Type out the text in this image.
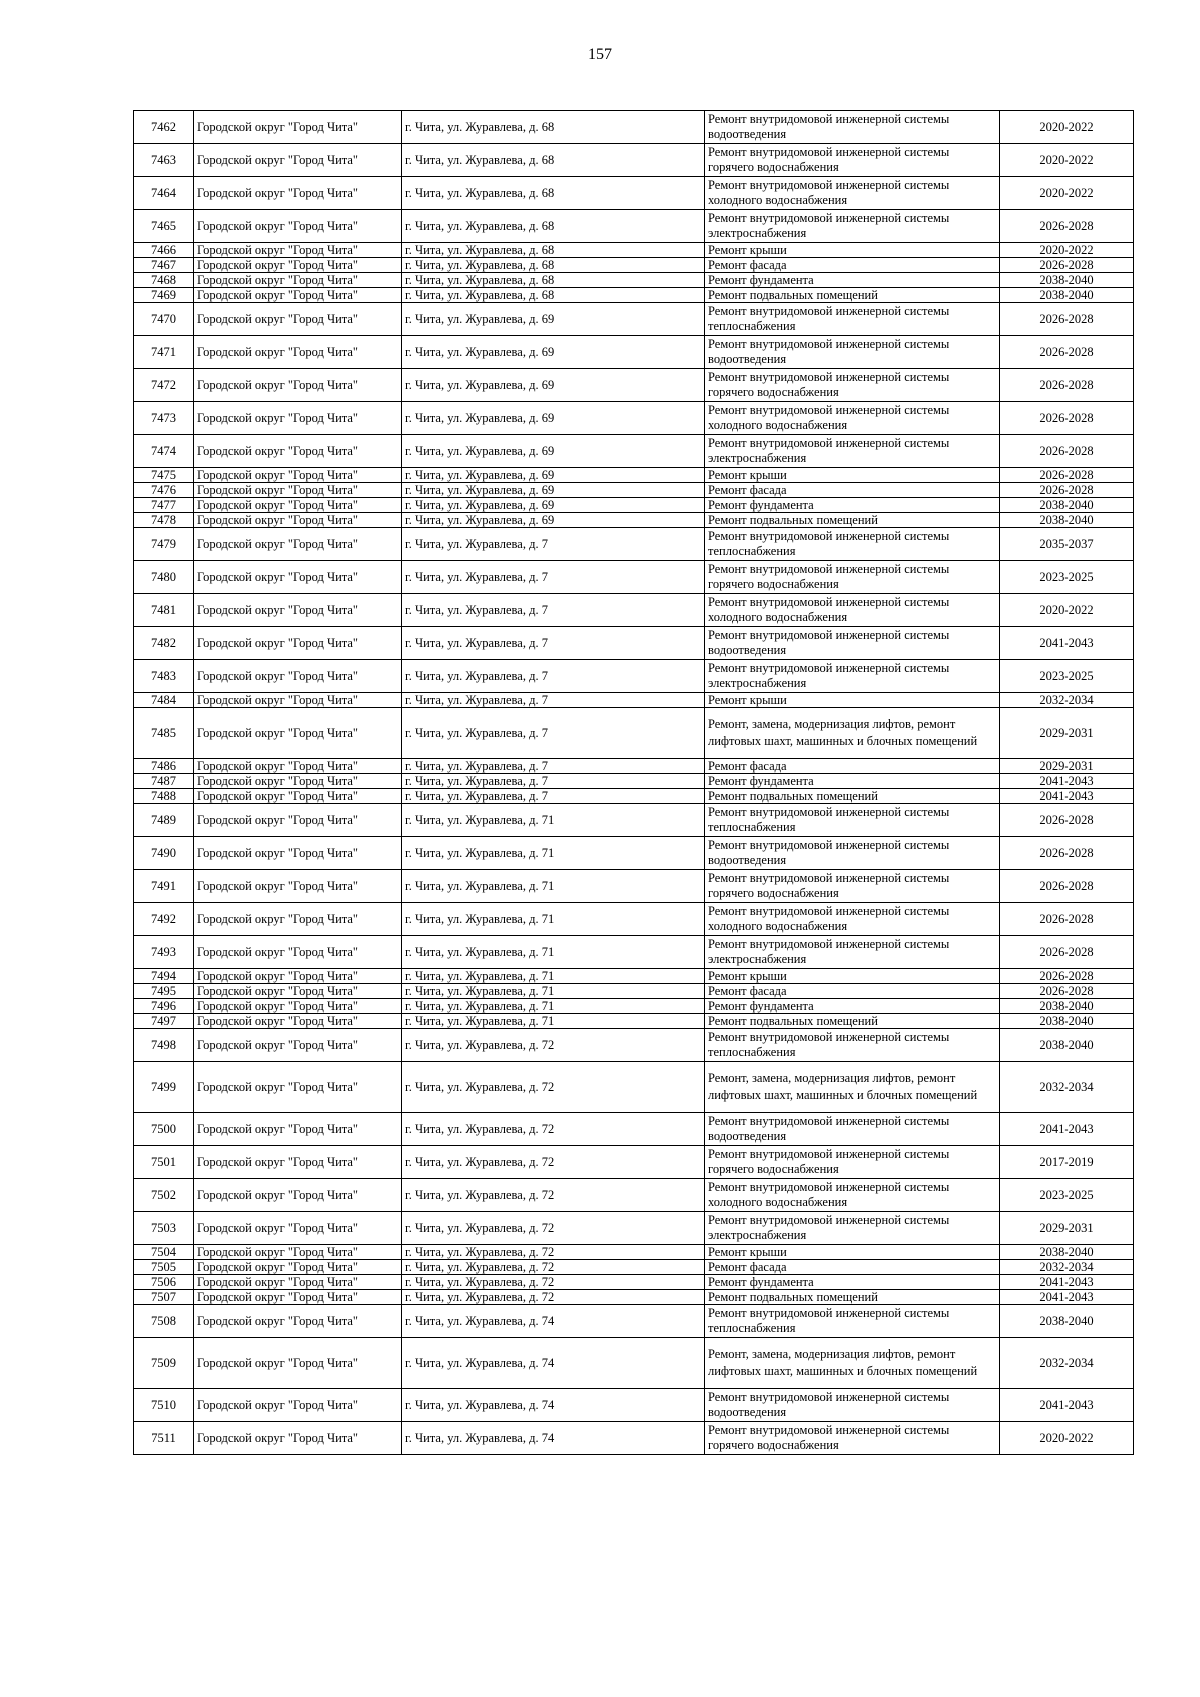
157
7462	Городской округ "Город Чита"	г. Чита, ул. Журавлева, д. 68	Ремонт внутридомовой инженерной системы водоотведения	2020-2022
7463	Городской округ "Город Чита"	г. Чита, ул. Журавлева, д. 68	Ремонт внутридомовой инженерной системы горячего водоснабжения	2020-2022
7464	Городской округ "Город Чита"	г. Чита, ул. Журавлева, д. 68	Ремонт внутридомовой инженерной системы холодного водоснабжения	2020-2022
7465	Городской округ "Город Чита"	г. Чита, ул. Журавлева, д. 68	Ремонт внутридомовой инженерной системы электроснабжения	2026-2028
7466	Городской округ "Город Чита"	г. Чита, ул. Журавлева, д. 68	Ремонт крыши	2020-2022
7467	Городской округ "Город Чита"	г. Чита, ул. Журавлева, д. 68	Ремонт фасада	2026-2028
7468	Городской округ "Город Чита"	г. Чита, ул. Журавлева, д. 68	Ремонт фундамента	2038-2040
7469	Городской округ "Город Чита"	г. Чита, ул. Журавлева, д. 68	Ремонт подвальных помещений	2038-2040
7470	Городской округ "Город Чита"	г. Чита, ул. Журавлева, д. 69	Ремонт внутридомовой инженерной системы теплоснабжения	2026-2028
7471	Городской округ "Город Чита"	г. Чита, ул. Журавлева, д. 69	Ремонт внутридомовой инженерной системы водоотведения	2026-2028
7472	Городской округ "Город Чита"	г. Чита, ул. Журавлева, д. 69	Ремонт внутридомовой инженерной системы горячего водоснабжения	2026-2028
7473	Городской округ "Город Чита"	г. Чита, ул. Журавлева, д. 69	Ремонт внутридомовой инженерной системы холодного водоснабжения	2026-2028
7474	Городской округ "Город Чита"	г. Чита, ул. Журавлева, д. 69	Ремонт внутридомовой инженерной системы электроснабжения	2026-2028
7475	Городской округ "Город Чита"	г. Чита, ул. Журавлева, д. 69	Ремонт крыши	2026-2028
7476	Городской округ "Город Чита"	г. Чита, ул. Журавлева, д. 69	Ремонт фасада	2026-2028
7477	Городской округ "Город Чита"	г. Чита, ул. Журавлева, д. 69	Ремонт фундамента	2038-2040
7478	Городской округ "Город Чита"	г. Чита, ул. Журавлева, д. 69	Ремонт подвальных помещений	2038-2040
7479	Городской округ "Город Чита"	г. Чита, ул. Журавлева, д. 7	Ремонт внутридомовой инженерной системы теплоснабжения	2035-2037
7480	Городской округ "Город Чита"	г. Чита, ул. Журавлева, д. 7	Ремонт внутридомовой инженерной системы горячего водоснабжения	2023-2025
7481	Городской округ "Город Чита"	г. Чита, ул. Журавлева, д. 7	Ремонт внутридомовой инженерной системы холодного водоснабжения	2020-2022
7482	Городской округ "Город Чита"	г. Чита, ул. Журавлева, д. 7	Ремонт внутридомовой инженерной системы водоотведения	2041-2043
7483	Городской округ "Город Чита"	г. Чита, ул. Журавлева, д. 7	Ремонт внутридомовой инженерной системы электроснабжения	2023-2025
7484	Городской округ "Город Чита"	г. Чита, ул. Журавлева, д. 7	Ремонт крыши	2032-2034
7485	Городской округ "Город Чита"	г. Чита, ул. Журавлева, д. 7	Ремонт, замена, модернизация лифтов, ремонт лифтовых шахт, машинных и блочных помещений	2029-2031
7486	Городской округ "Город Чита"	г. Чита, ул. Журавлева, д. 7	Ремонт фасада	2029-2031
7487	Городской округ "Город Чита"	г. Чита, ул. Журавлева, д. 7	Ремонт фундамента	2041-2043
7488	Городской округ "Город Чита"	г. Чита, ул. Журавлева, д. 7	Ремонт подвальных помещений	2041-2043
7489	Городской округ "Город Чита"	г. Чита, ул. Журавлева, д. 71	Ремонт внутридомовой инженерной системы теплоснабжения	2026-2028
7490	Городской округ "Город Чита"	г. Чита, ул. Журавлева, д. 71	Ремонт внутридомовой инженерной системы водоотведения	2026-2028
7491	Городской округ "Город Чита"	г. Чита, ул. Журавлева, д. 71	Ремонт внутридомовой инженерной системы горячего водоснабжения	2026-2028
7492	Городской округ "Город Чита"	г. Чита, ул. Журавлева, д. 71	Ремонт внутридомовой инженерной системы холодного водоснабжения	2026-2028
7493	Городской округ "Город Чита"	г. Чита, ул. Журавлева, д. 71	Ремонт внутридомовой инженерной системы электроснабжения	2026-2028
7494	Городской округ "Город Чита"	г. Чита, ул. Журавлева, д. 71	Ремонт крыши	2026-2028
7495	Городской округ "Город Чита"	г. Чита, ул. Журавлева, д. 71	Ремонт фасада	2026-2028
7496	Городской округ "Город Чита"	г. Чита, ул. Журавлева, д. 71	Ремонт фундамента	2038-2040
7497	Городской округ "Город Чита"	г. Чита, ул. Журавлева, д. 71	Ремонт подвальных помещений	2038-2040
7498	Городской округ "Город Чита"	г. Чита, ул. Журавлева, д. 72	Ремонт внутридомовой инженерной системы теплоснабжения	2038-2040
7499	Городской округ "Город Чита"	г. Чита, ул. Журавлева, д. 72	Ремонт, замена, модернизация лифтов, ремонт лифтовых шахт, машинных и блочных помещений	2032-2034
7500	Городской округ "Город Чита"	г. Чита, ул. Журавлева, д. 72	Ремонт внутридомовой инженерной системы водоотведения	2041-2043
7501	Городской округ "Город Чита"	г. Чита, ул. Журавлева, д. 72	Ремонт внутридомовой инженерной системы горячего водоснабжения	2017-2019
7502	Городской округ "Город Чита"	г. Чита, ул. Журавлева, д. 72	Ремонт внутридомовой инженерной системы холодного водоснабжения	2023-2025
7503	Городской округ "Город Чита"	г. Чита, ул. Журавлева, д. 72	Ремонт внутридомовой инженерной системы электроснабжения	2029-2031
7504	Городской округ "Город Чита"	г. Чита, ул. Журавлева, д. 72	Ремонт крыши	2038-2040
7505	Городской округ "Город Чита"	г. Чита, ул. Журавлева, д. 72	Ремонт фасада	2032-2034
7506	Городской округ "Город Чита"	г. Чита, ул. Журавлева, д. 72	Ремонт фундамента	2041-2043
7507	Городской округ "Город Чита"	г. Чита, ул. Журавлева, д. 72	Ремонт подвальных помещений	2041-2043
7508	Городской округ "Город Чита"	г. Чита, ул. Журавлева, д. 74	Ремонт внутридомовой инженерной системы теплоснабжения	2038-2040
7509	Городской округ "Город Чита"	г. Чита, ул. Журавлева, д. 74	Ремонт, замена, модернизация лифтов, ремонт лифтовых шахт, машинных и блочных помещений	2032-2034
7510	Городской округ "Город Чита"	г. Чита, ул. Журавлева, д. 74	Ремонт внутридомовой инженерной системы водоотведения	2041-2043
7511	Городской округ "Город Чита"	г. Чита, ул. Журавлева, д. 74	Ремонт внутридомовой инженерной системы горячего водоснабжения	2020-2022
